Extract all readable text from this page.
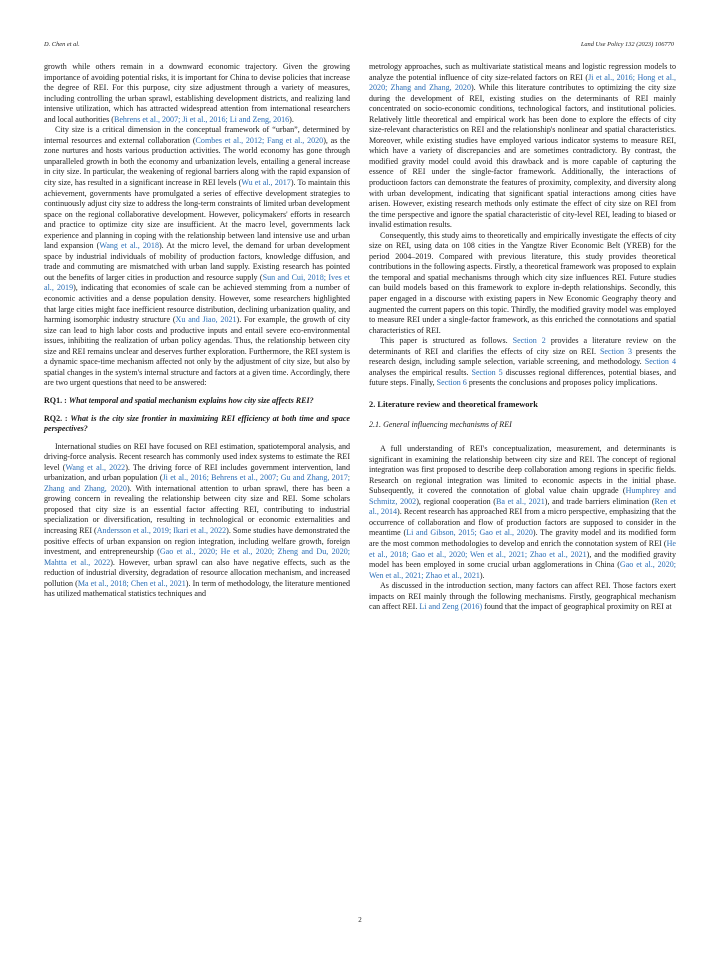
D. Chen et al.	Land Use Policy 132 (2023) 106770

growth while others remain in a downward economic trajectory. Given the growing importance of avoiding potential risks, it is important for China to devise policies that increase the degree of REI. For this purpose, city size adjustment through a variety of measures, including controlling the urban sprawl, establishing development districts, and realizing land intensive utilization, which has attracted widespread attention from international researchers and local authorities (Behrens et al., 2007; Ji et al., 2016; Li and Zeng, 2016).

City size is a critical dimension in the conceptual framework of “urban”, determined by internal resources and external collaboration (Combes et al., 2012; Fang et al., 2020), as the zone nurtures and hosts various production activities. The world economy has gone through unparalleled growth in both the economy and urbanization levels, entailing a general increase in city size. In particular, the weakening of regional barriers along with the rapid expansion of city size, has resulted in a significant increase in REI levels (Wu et al., 2017). To maintain this achievement, governments have promulgated a series of effective development strategies to continuously adjust city size to address the long-term constraints of limited urban development space on the regional collaborative development. However, policymakers' efforts in research and practice to optimize city size are insufficient. At the macro level, governments lack experience and planning in coping with the relationship between land intensive use and urban land expansion (Wang et al., 2018). At the micro level, the demand for urban development space by industrial individuals of mobility of production factors, knowledge diffusion, and trade and commuting are mismatched with urban land supply. Existing research has pointed out the benefits of larger cities in production and resource supply (Sun and Cui, 2018; Ives et al., 2019), indicating that economies of scale can be achieved stemming from a number of economic activities and a dense population density. However, some researchers highlighted that large cities might face inefficient resource distribution, declining urbanization quality, and harming isomorphic industry structure (Xu and Jiao, 2021). For example, the growth of city size can lead to high labor costs and productive inputs and entail severe eco-environmental issues, inhibiting the realization of urban policy agendas. Thus, the relationship between city size and REI remains unclear and deserves further exploration. Furthermore, the REI system is a dynamic space-time mechanism affected not only by the adjustment of city size, but also by spatial changes in the system's internal structure and factors at a given time. Accordingly, there are two urgent questions that need to be answered:

RQ1. : What temporal and spatial mechanism explains how city size affects REI?

RQ2. : What is the city size frontier in maximizing REI efficiency at both time and space perspectives?

International studies on REI have focused on REI estimation, spatiotemporal analysis, and driving-force analysis. Recent research has commonly used index systems to estimate the REI level (Wang et al., 2022). The driving force of REI includes government intervention, land urbanization, and urban population (Ji et al., 2016; Behrens et al., 2007; Gu and Zhang, 2017; Zhang and Zhang, 2020). With international attention to urban sprawl, there has been a growing concern in revealing the relationship between city size and REI. Some scholars proposed that city size is an essential factor affecting REI, contributing to industrial specialization or diversification, resulting in technological or economic externalities and increasing REI (Andersson et al., 2019; Ikari et al., 2022). Some studies have demonstrated the positive effects of urban expansion on region integration, including welfare growth, foreign investment, and entrepreneurship (Gao et al., 2020; He et al., 2020; Zheng and Du, 2020; Mahtta et al., 2022). However, urban sprawl can also have negative effects, such as the reduction of industrial diversity, degradation of resource allocation mechanism, and increased pollution (Ma et al., 2018; Chen et al., 2021). In term of methodology, the literature mentioned has utilized mathematical statistics techniques and

metrology approaches, such as multivariate statistical means and logistic regression models to analyze the potential influence of city size-related factors on REI (Ji et al., 2016; Hong et al., 2020; Zhang and Zhang, 2020). While this literature contributes to optimizing the city size during the development of REI, existing studies on the determinants of REI mainly concentrated on socio-economic conditions, technological factors, and institutional policies. Relatively little theoretical and empirical work has been done to explore the effects of city size-relevant characteristics on REI and the relationship's nonlinear and spatial characteristics. Moreover, while existing studies have employed various indicator systems to measure REI, which have a variety of discrepancies and are sometimes contradictory. By contrast, the modified gravity model could avoid this drawback and is more capable of capturing the essence of REI under the single-factor framework. Additionally, the interactions of productioon factors can demonstrate the features of proximity, complexity, and diversity along with urban development, indicating that significant spatial interactions among cities have arisen. However, existing research methods only estimate the effect of city size on REI from the time perspective and ignore the spatial characteristic of city-level REI, leading to biased or invalid estimation results.

Consequently, this study aims to theoretically and empirically investigate the effects of city size on REI, using data on 108 cities in the Yangtze River Economic Belt (YREB) for the period 2004–2019. Compared with previous literature, this study provides theoretical contributions in the following aspects. Firstly, a theoretical framework was proposed to explain the temporal and spatial mechanisms through which city size influences REI. Future studies can build models based on this framework to explore in-depth relationships. Secondly, this paper engaged in a discourse with existing papers in New Economic Geography theory and augmented the current papers on this topic. Thirdly, the modified gravity model was employed to measure REI under a single-factor framework, as this enriched the connotations and spatial characteristics of REI.

This paper is structured as follows. Section 2 provides a literature review on the determinants of REI and clarifies the effects of city size on REI. Section 3 presents the research design, including sample selection, variable screening, and methodology. Section 4 analyses the empirical results. Section 5 discusses regional differences, potential biases, and future steps. Finally, Section 6 presents the conclusions and proposes policy implications.

2. Literature review and theoretical framework
2.1. General influencing mechanisms of REI

A full understanding of REI's conceptualization, measurement, and determinants is significant in examining the relationship between city size and REI. The concept of regional integration was first proposed to describe deep collaboration among regions in specific fields. Research on regional integration was limited to economic aspects in the initial phase. Subsequently, it covered the connotation of global value chain upgrade (Humphrey and Schmitz, 2002), regional cooperation (Ba et al., 2021), and trade barriers elimination (Ren et al., 2014). Recent research has approached REI from a micro perspective, emphasizing that the occurrence of collaboration and flow of production factors are supposed to consider in the meantime (Li and Gibson, 2015; Gao et al., 2020). The gravity model and its modified form are the most common methodologies to develop and enrich the connotation system of REI (He et al., 2018; Gao et al., 2020; Wen et al., 2021; Zhao et al., 2021), and the modified gravity model has been employed in some crucial urban agglomerations in China (Gao et al., 2020; Wen et al., 2021; Zhao et al., 2021).

As discussed in the introduction section, many factors can affect REI. Those factors exert impacts on REI mainly through the following mechanisms. Firstly, geographical mechanism can affect REI. Li and Zeng (2016) found that the impact of geographical proximity on REI at

2
